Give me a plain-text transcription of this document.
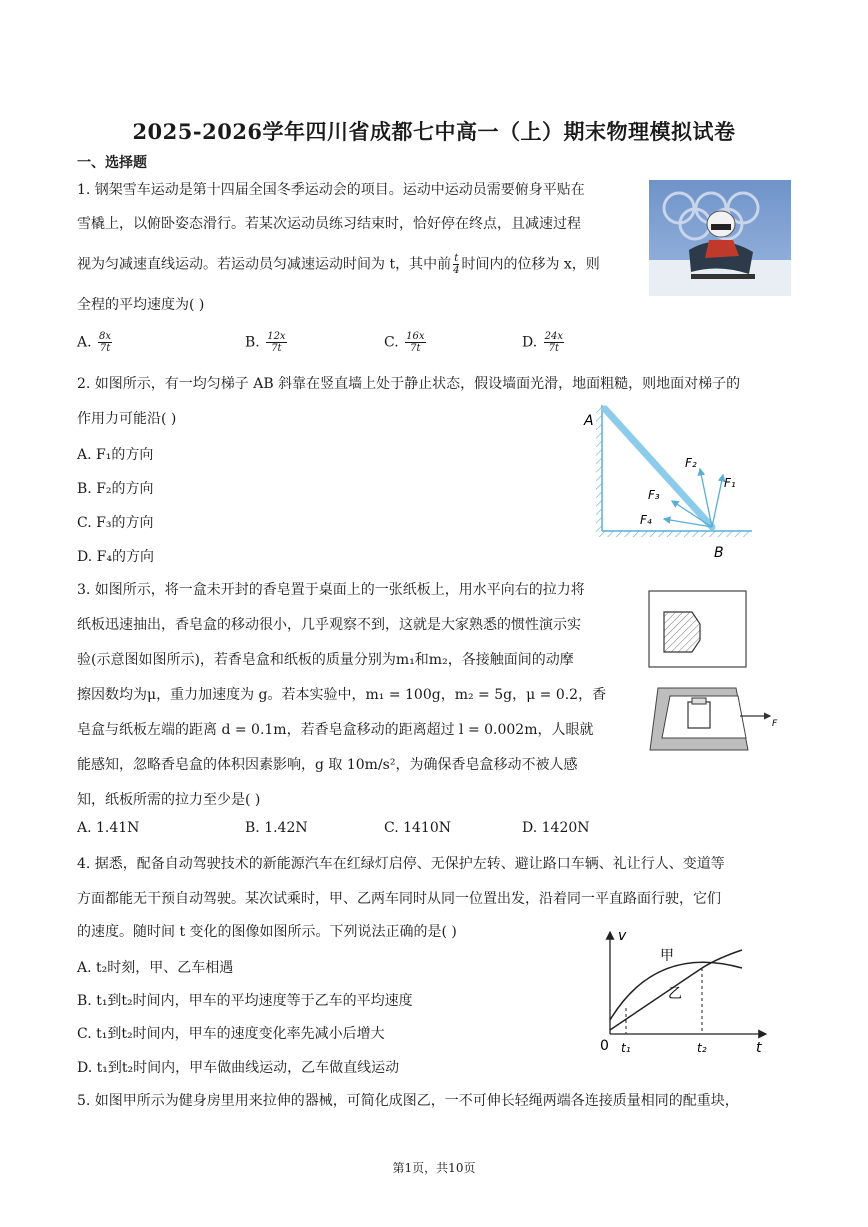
2025-2026学年四川省成都七中高一（上）期末物理模拟试卷
一、选择题
1. 钢架雪车运动是第十四届全国冬季运动会的项目。运动中运动员需要俯身平贴在
雪橇上，以俯卧姿态滑行。若某次运动员练习结束时，恰好停在终点，且减速过程
视为匀减速直线运动。若运动员匀减速运动时间为 t，其中前 $\frac{t}{4}$ 时间内的位移为 x，则
全程的平均速度为( )
A. $\frac{8x}{7t}$	B. $\frac{12x}{7t}$	C. $\frac{16x}{7t}$	D. $\frac{24x}{7t}$
2. 如图所示，有一均匀梯子 AB 斜靠在竖直墙上处于静止状态，假设墙面光滑，地面粗糙，则地面对梯子的
作用力可能沿( )
A. F₁的方向
B. F₂的方向
C. F₃的方向
D. F₄的方向
A
B
F₁
F₂
F₃
F₄
3. 如图所示，将一盒未开封的香皂置于桌面上的一张纸板上，用水平向右的拉力将
纸板迅速抽出，香皂盒的移动很小，几乎观察不到，这就是大家熟悉的惯性演示实
验(示意图如图所示)，若香皂盒和纸板的质量分别为m₁和m₂，各接触面间的动摩
擦因数均为μ，重力加速度为 g。若本实验中，m₁ = 100g，m₂ = 5g，μ = 0.2，香
皂盒与纸板左端的距离 d = 0.1m，若香皂盒移动的距离超过 l = 0.002m，人眼就
能感知，忽略香皂盒的体积因素影响，g 取 10m/s²，为确保香皂盒移动不被人感
知，纸板所需的拉力至少是( )
A. 1.41N	B. 1.42N	C. 1410N	D. 1420N
F
4. 据悉，配备自动驾驶技术的新能源汽车在红绿灯启停、无保护左转、避让路口车辆、礼让行人、变道等
方面都能无干预自动驾驶。某次试乘时，甲、乙两车同时从同一位置出发，沿着同一平直路面行驶，它们
的速度。随时间 t 变化的图像如图所示。下列说法正确的是( )
A. t₂时刻，甲、乙车相遇
B. t₁到t₂时间内，甲车的平均速度等于乙车的平均速度
C. t₁到t₂时间内，甲车的速度变化率先减小后增大
D. t₁到t₂时间内，甲车做曲线运动，乙车做直线运动
v
t
0 t₁	t₂
甲
乙
5. 如图甲所示为健身房里用来拉伸的器械，可简化成图乙，一不可伸长轻绳两端各连接质量相同的配重块，
第1页，共10页
